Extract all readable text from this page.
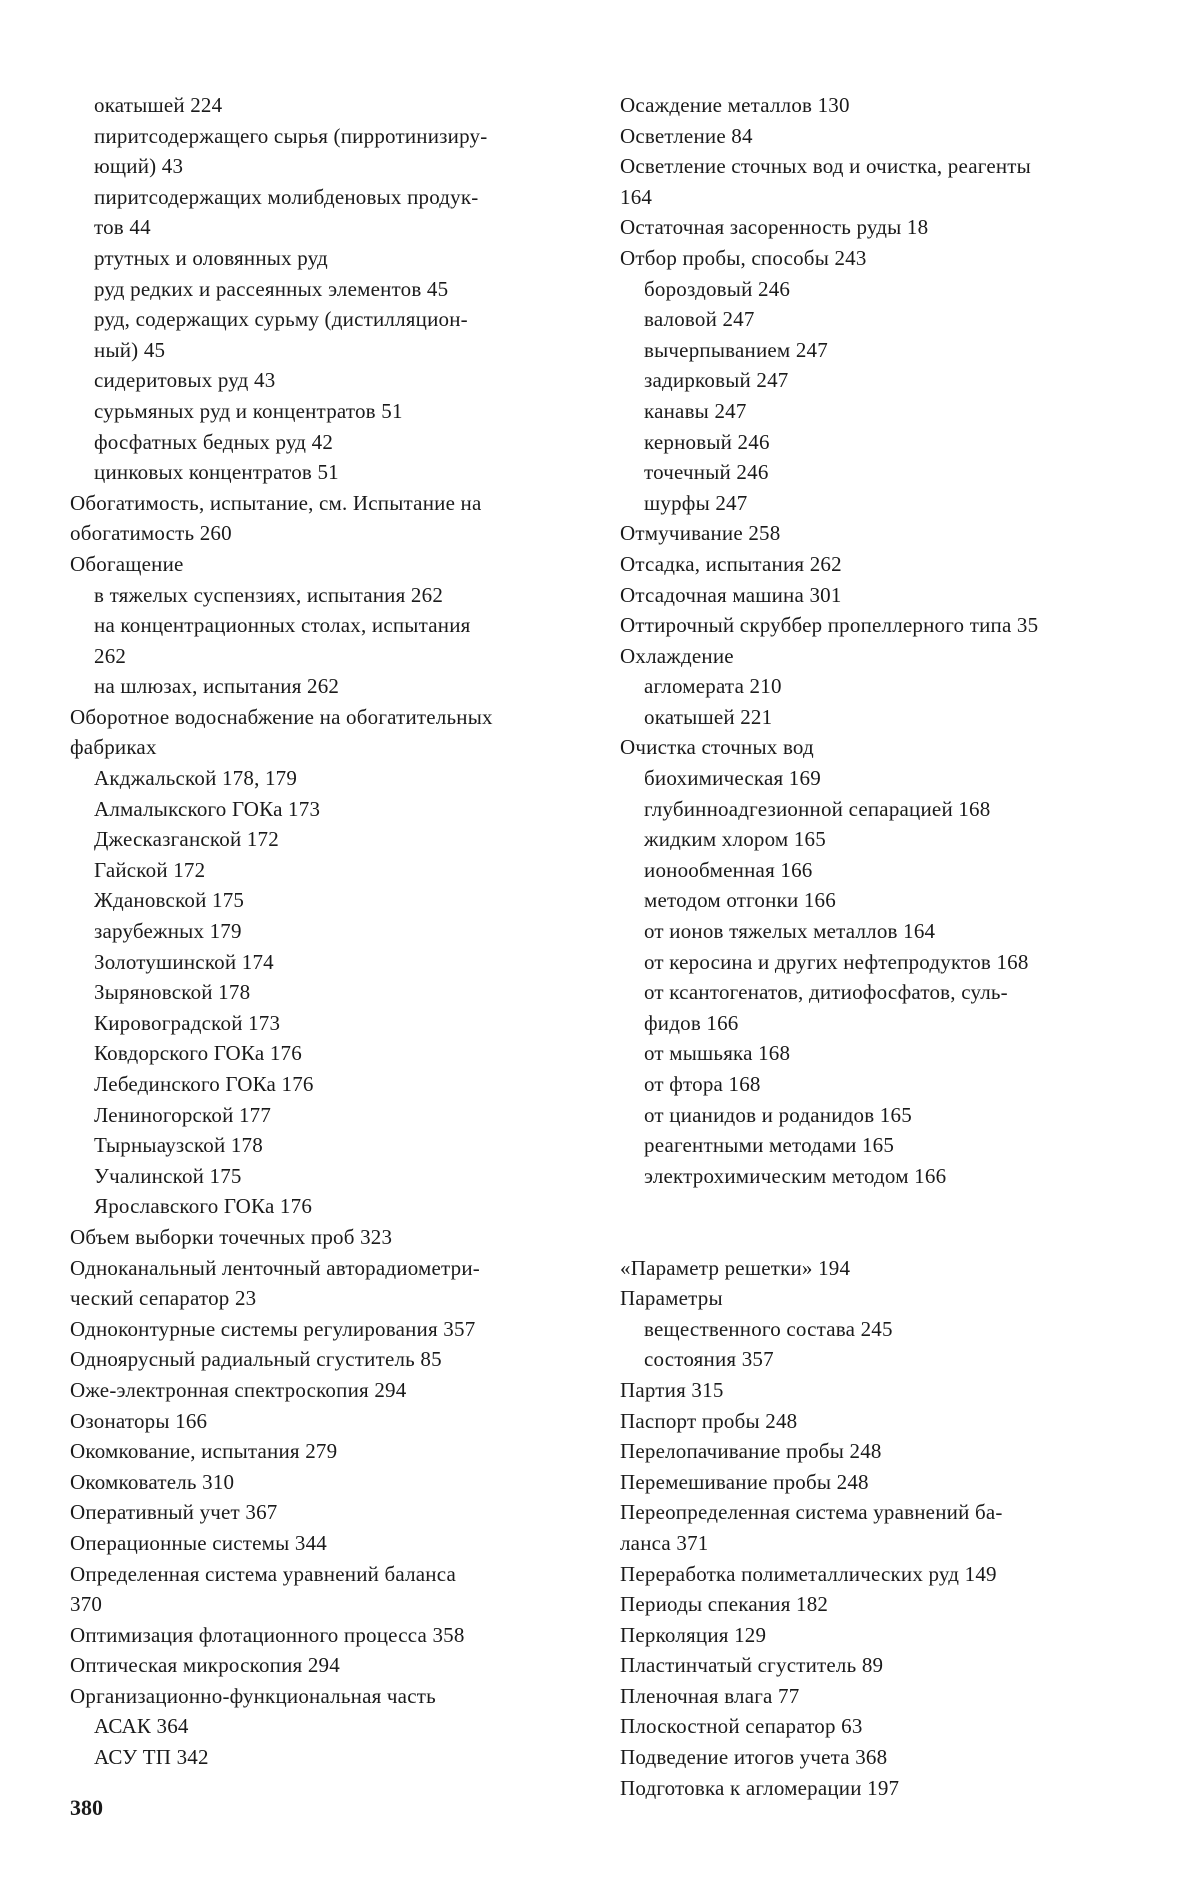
окатышей 224
пиритсодержащего сырья (пирротинизиру-
ющий) 43
пиритсодержащих молибденовых продук-
тов 44
ртутных и оловянных руд
руд редких и рассеянных элементов 45
руд, содержащих сурьму (дистилляцион-
ный) 45
сидеритовых руд 43
сурьмяных руд и концентратов 51
фосфатных бедных руд 42
цинковых концентратов 51
Обогатимость, испытание, см. Испытание на
обогатимость 260
Обогащение
в тяжелых суспензиях, испытания 262
на концентрационных столах, испытания
262
на шлюзах, испытания 262
Оборотное водоснабжение на обогатительных
фабриках
Акджальской 178, 179
Алмалыкского ГОКа 173
Джесказганской 172
Гайской 172
Ждановской 175
зарубежных 179
Золотушинской 174
Зыряновской 178
Кировоградской 173
Ковдорского ГОКа 176
Лебединского ГОКа 176
Лениногорской 177
Тырныаузской 178
Учалинской 175
Ярославского ГОКа 176
Объем выборки точечных проб 323
Одноканальный ленточный авторадиометри-
ческий сепаратор 23
Одноконтурные системы регулирования 357
Одноярусный радиальный сгуститель 85
Оже-электронная спектроскопия 294
Озонаторы 166
Окомкование, испытания 279
Окомкователь 310
Оперативный учет 367
Операционные системы 344
Определенная система уравнений баланса
370
Оптимизация флотационного процесса 358
Оптическая микроскопия 294
Организационно-функциональная часть
АСАК 364
АСУ ТП 342
Осаждение металлов 130
Осветление 84
Осветление сточных вод и очистка, реагенты
164
Остаточная засоренность руды 18
Отбор пробы, способы 243
бороздовый 246
валовой 247
вычерпыванием 247
задирковый 247
канавы 247
керновый 246
точечный 246
шурфы 247
Отмучивание 258
Отсадка, испытания 262
Отсадочная машина 301
Оттирочный скруббер пропеллерного типа 35
Охлаждение
агломерата 210
окатышей 221
Очистка сточных вод
биохимическая 169
глубинноадгезионной сепарацией 168
жидким хлором 165
ионообменная 166
методом отгонки 166
от ионов тяжелых металлов 164
от керосина и других нефтепродуктов 168
от ксантогенатов, дитиофосфатов, суль-
фидов 166
от мышьяка 168
от фтора 168
от цианидов и роданидов 165
реагентными методами 165
электрохимическим методом 166
«Параметр решетки» 194
Параметры
вещественного состава 245
состояния 357
Партия 315
Паспорт пробы 248
Перелопачивание пробы 248
Перемешивание пробы 248
Переопределенная система уравнений ба-
ланса 371
Переработка полиметаллических руд 149
Периоды спекания 182
Перколяция 129
Пластинчатый сгуститель 89
Пленочная влага 77
Плоскостной сепаратор 63
Подведение итогов учета 368
Подготовка к агломерации 197
380
